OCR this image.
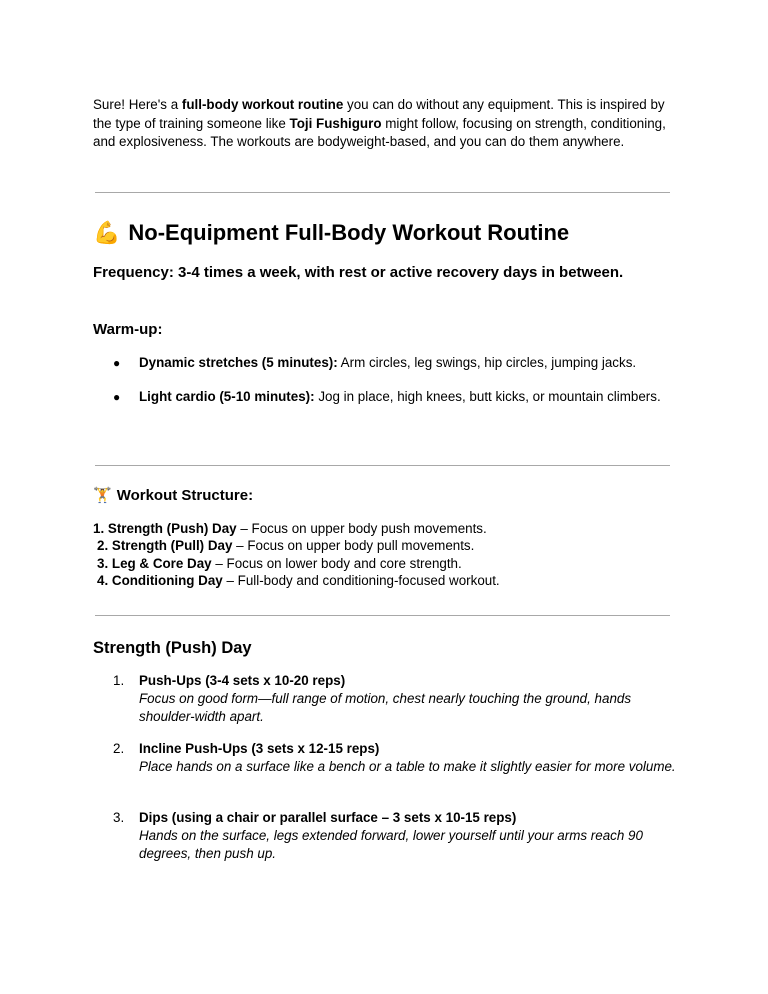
Sure! Here's a full-body workout routine you can do without any equipment. This is inspired by the type of training someone like Toji Fushiguro might follow, focusing on strength, conditioning, and explosiveness. The workouts are bodyweight-based, and you can do them anywhere.
💪 No-Equipment Full-Body Workout Routine
Frequency: 3-4 times a week, with rest or active recovery days in between.
Warm-up:
● Dynamic stretches (5 minutes): Arm circles, leg swings, hip circles, jumping jacks.
● Light cardio (5-10 minutes): Jog in place, high knees, butt kicks, or mountain climbers.
🏋 Workout Structure:
1. Strength (Push) Day – Focus on upper body push movements.
2. Strength (Pull) Day – Focus on upper body pull movements.
3. Leg & Core Day – Focus on lower body and core strength.
4. Conditioning Day – Full-body and conditioning-focused workout.
Strength (Push) Day
1. Push-Ups (3-4 sets x 10-20 reps)
Focus on good form—full range of motion, chest nearly touching the ground, hands shoulder-width apart.
2. Incline Push-Ups (3 sets x 12-15 reps)
Place hands on a surface like a bench or a table to make it slightly easier for more volume.
3. Dips (using a chair or parallel surface – 3 sets x 10-15 reps)
Hands on the surface, legs extended forward, lower yourself until your arms reach 90 degrees, then push up.
